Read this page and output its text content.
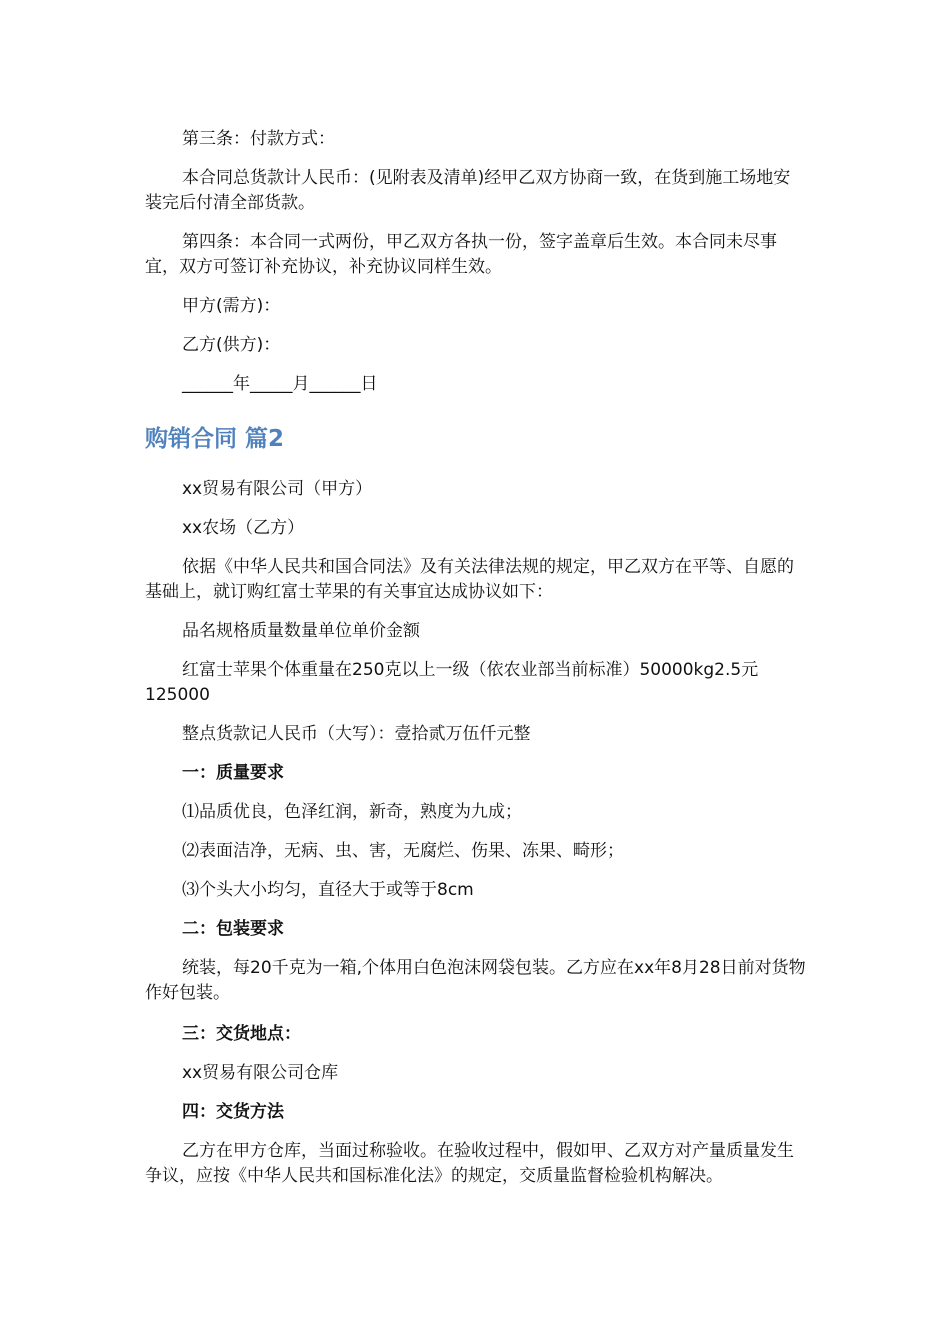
第三条：付款方式：

本合同总货款计人民币：(见附表及清单)经甲乙双方协商一致，在货到施工场地安装完后付清全部货款。

第四条：本合同一式两份，甲乙双方各执一份，签字盖章后生效。本合同未尽事宜，双方可签订补充协议，补充协议同样生效。

甲方(需方)：

乙方(供方)：

______年_____月______日

购销合同 篇2

xx贸易有限公司（甲方）

xx农场（乙方）

依据《中华人民共和国合同法》及有关法律法规的规定，甲乙双方在平等、自愿的基础上，就订购红富士苹果的有关事宜达成协议如下：

品名规格质量数量单位单价金额

红富士苹果个体重量在250克以上一级（依农业部当前标准）50000kg2.5元125000

整点货款记人民币（大写）：壹拾贰万伍仟元整

一：质量要求

⑴品质优良，色泽红润，新奇，熟度为九成；

⑵表面洁净，无病、虫、害，无腐烂、伤果、冻果、畸形；

⑶个头大小均匀，直径大于或等于8cm

二：包装要求

统装，每20千克为一箱,个体用白色泡沫网袋包装。乙方应在xx年8月28日前对货物作好包装。

三：交货地点：

xx贸易有限公司仓库

四：交货方法

乙方在甲方仓库，当面过称验收。在验收过程中，假如甲、乙双方对产量质量发生争议，应按《中华人民共和国标准化法》的规定，交质量监督检验机构解决。
